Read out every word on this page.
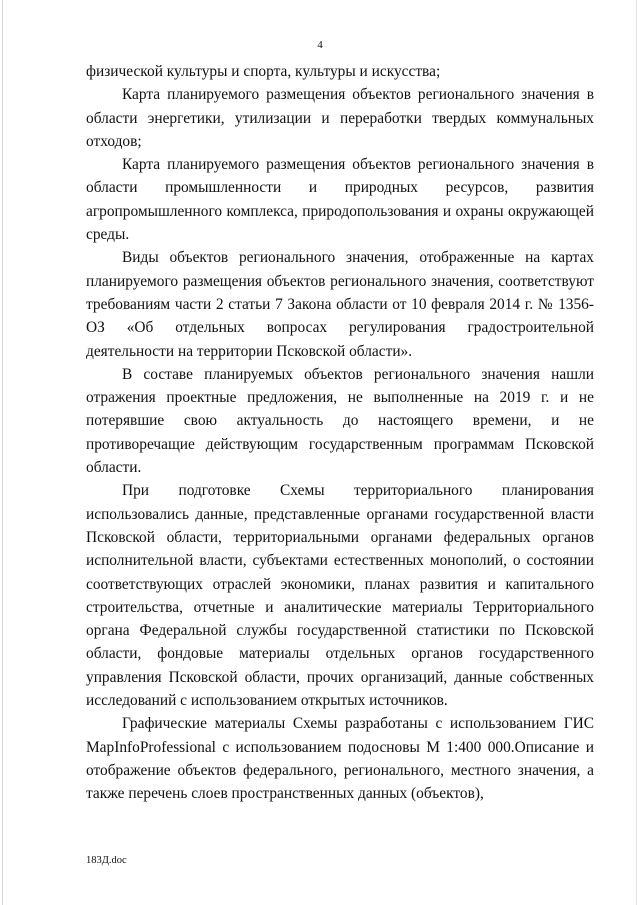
4

физической культуры и спорта, культуры и искусства;

Карта планируемого размещения объектов регионального значения в области энергетики, утилизации и переработки твердых коммунальных отходов;

Карта планируемого размещения объектов регионального значения в области промышленности и природных ресурсов, развития агропромышленного комплекса, природопользования и охраны окружающей среды.

Виды объектов регионального значения, отображенные на картах планируемого размещения объектов регионального значения, соответствуют требованиям части 2 статьи 7 Закона области от 10 февраля 2014 г. № 1356-ОЗ «Об отдельных вопросах регулирования градостроительной деятельности на территории Псковской области».

В составе планируемых объектов регионального значения нашли отражения проектные предложения, не выполненные на 2019 г. и не потерявшие свою актуальность до настоящего времени, и не противоречащие действующим государственным программам Псковской области.

При подготовке Схемы территориального планирования использовались данные, представленные органами государственной власти Псковской области, территориальными органами федеральных органов исполнительной власти, субъектами естественных монополий, о состоянии соответствующих отраслей экономики, планах развития и капитального строительства, отчетные и аналитические материалы Территориального органа Федеральной службы государственной статистики по Псковской области, фондовые материалы отдельных органов государственного управления Псковской области, прочих организаций, данные собственных исследований с использованием открытых источников.

Графические материалы Схемы разработаны с использованием ГИС MapInfoProfessional с использованием подосновы М 1:400 000.Описание и отображение объектов федерального, регионального, местного значения, а также перечень слоев пространственных данных (объектов),

183Д.doc
